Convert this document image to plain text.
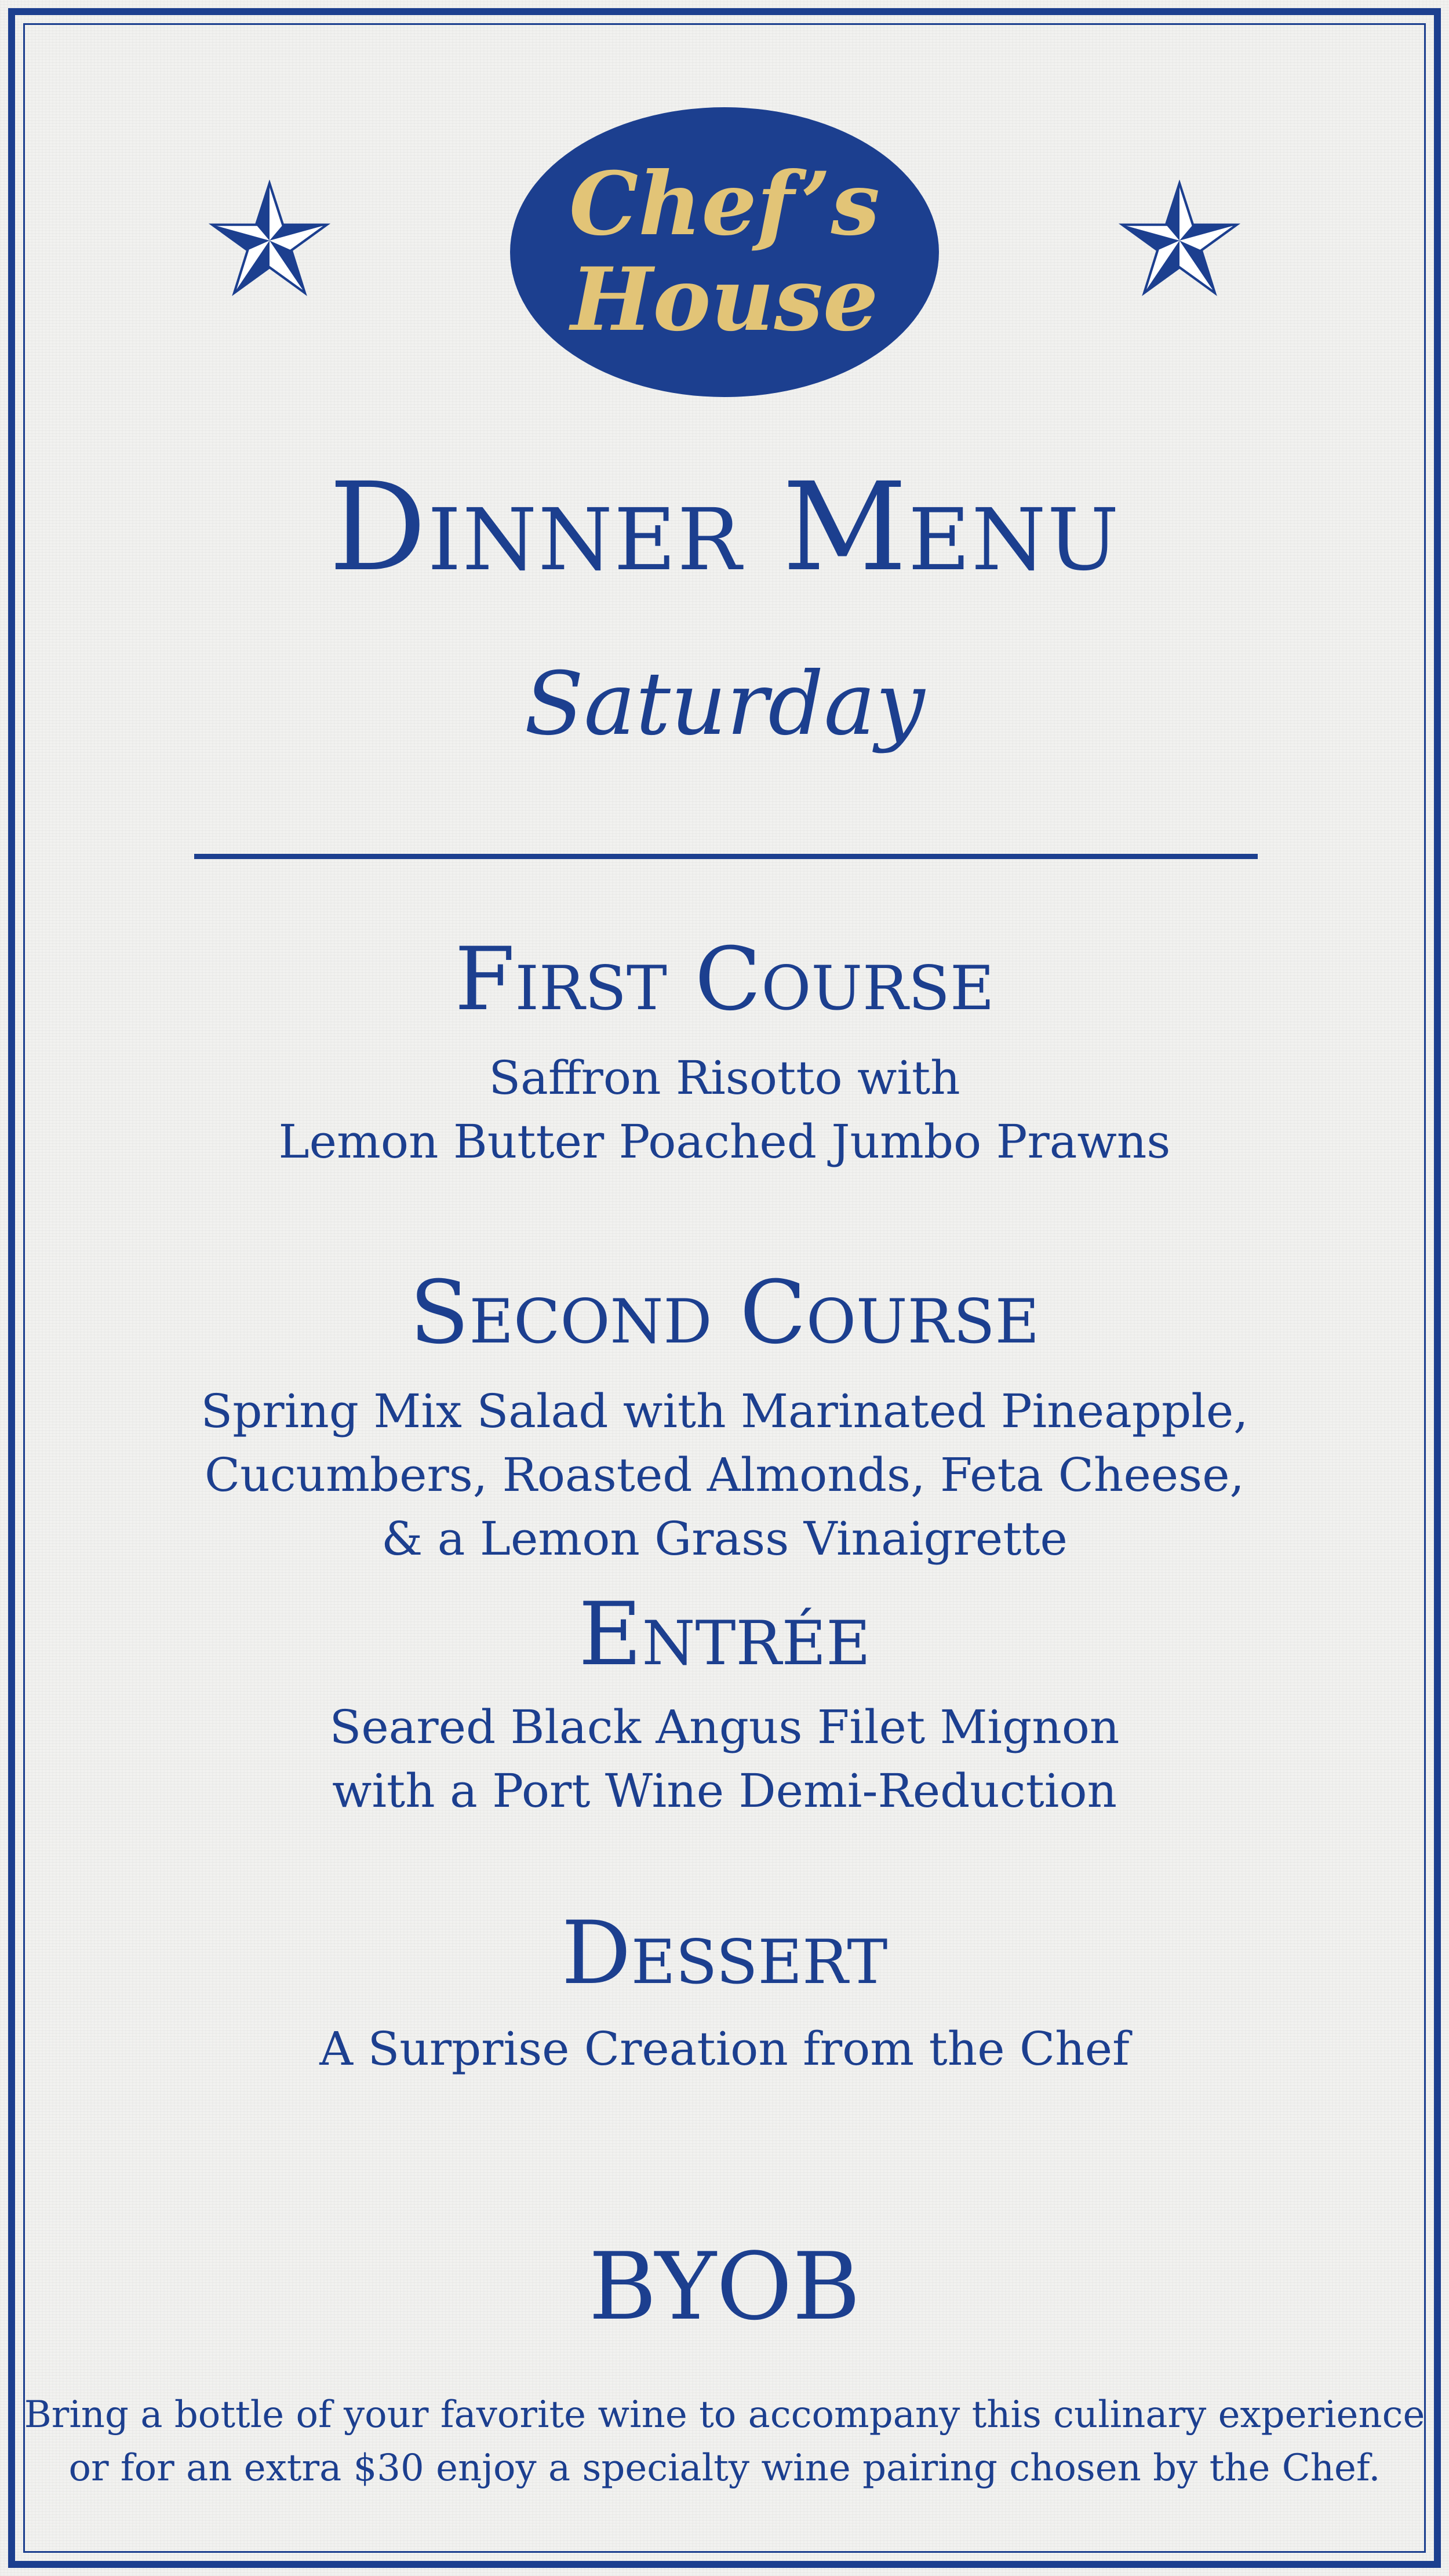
Chef’s
House
Dinner Menu
Saturday
First Course
Saffron Risotto with
Lemon Butter Poached Jumbo Prawns
Second Course
Spring Mix Salad with Marinated Pineapple,
Cucumbers, Roasted Almonds, Feta Cheese,
& a Lemon Grass Vinaigrette
Entrée
Seared Black Angus Filet Mignon
with a Port Wine Demi-Reduction
Dessert
A Surprise Creation from the Chef
BYOB
Bring a bottle of your favorite wine to accompany this culinary experience
or for an extra $30 enjoy a specialty wine pairing chosen by the Chef.
